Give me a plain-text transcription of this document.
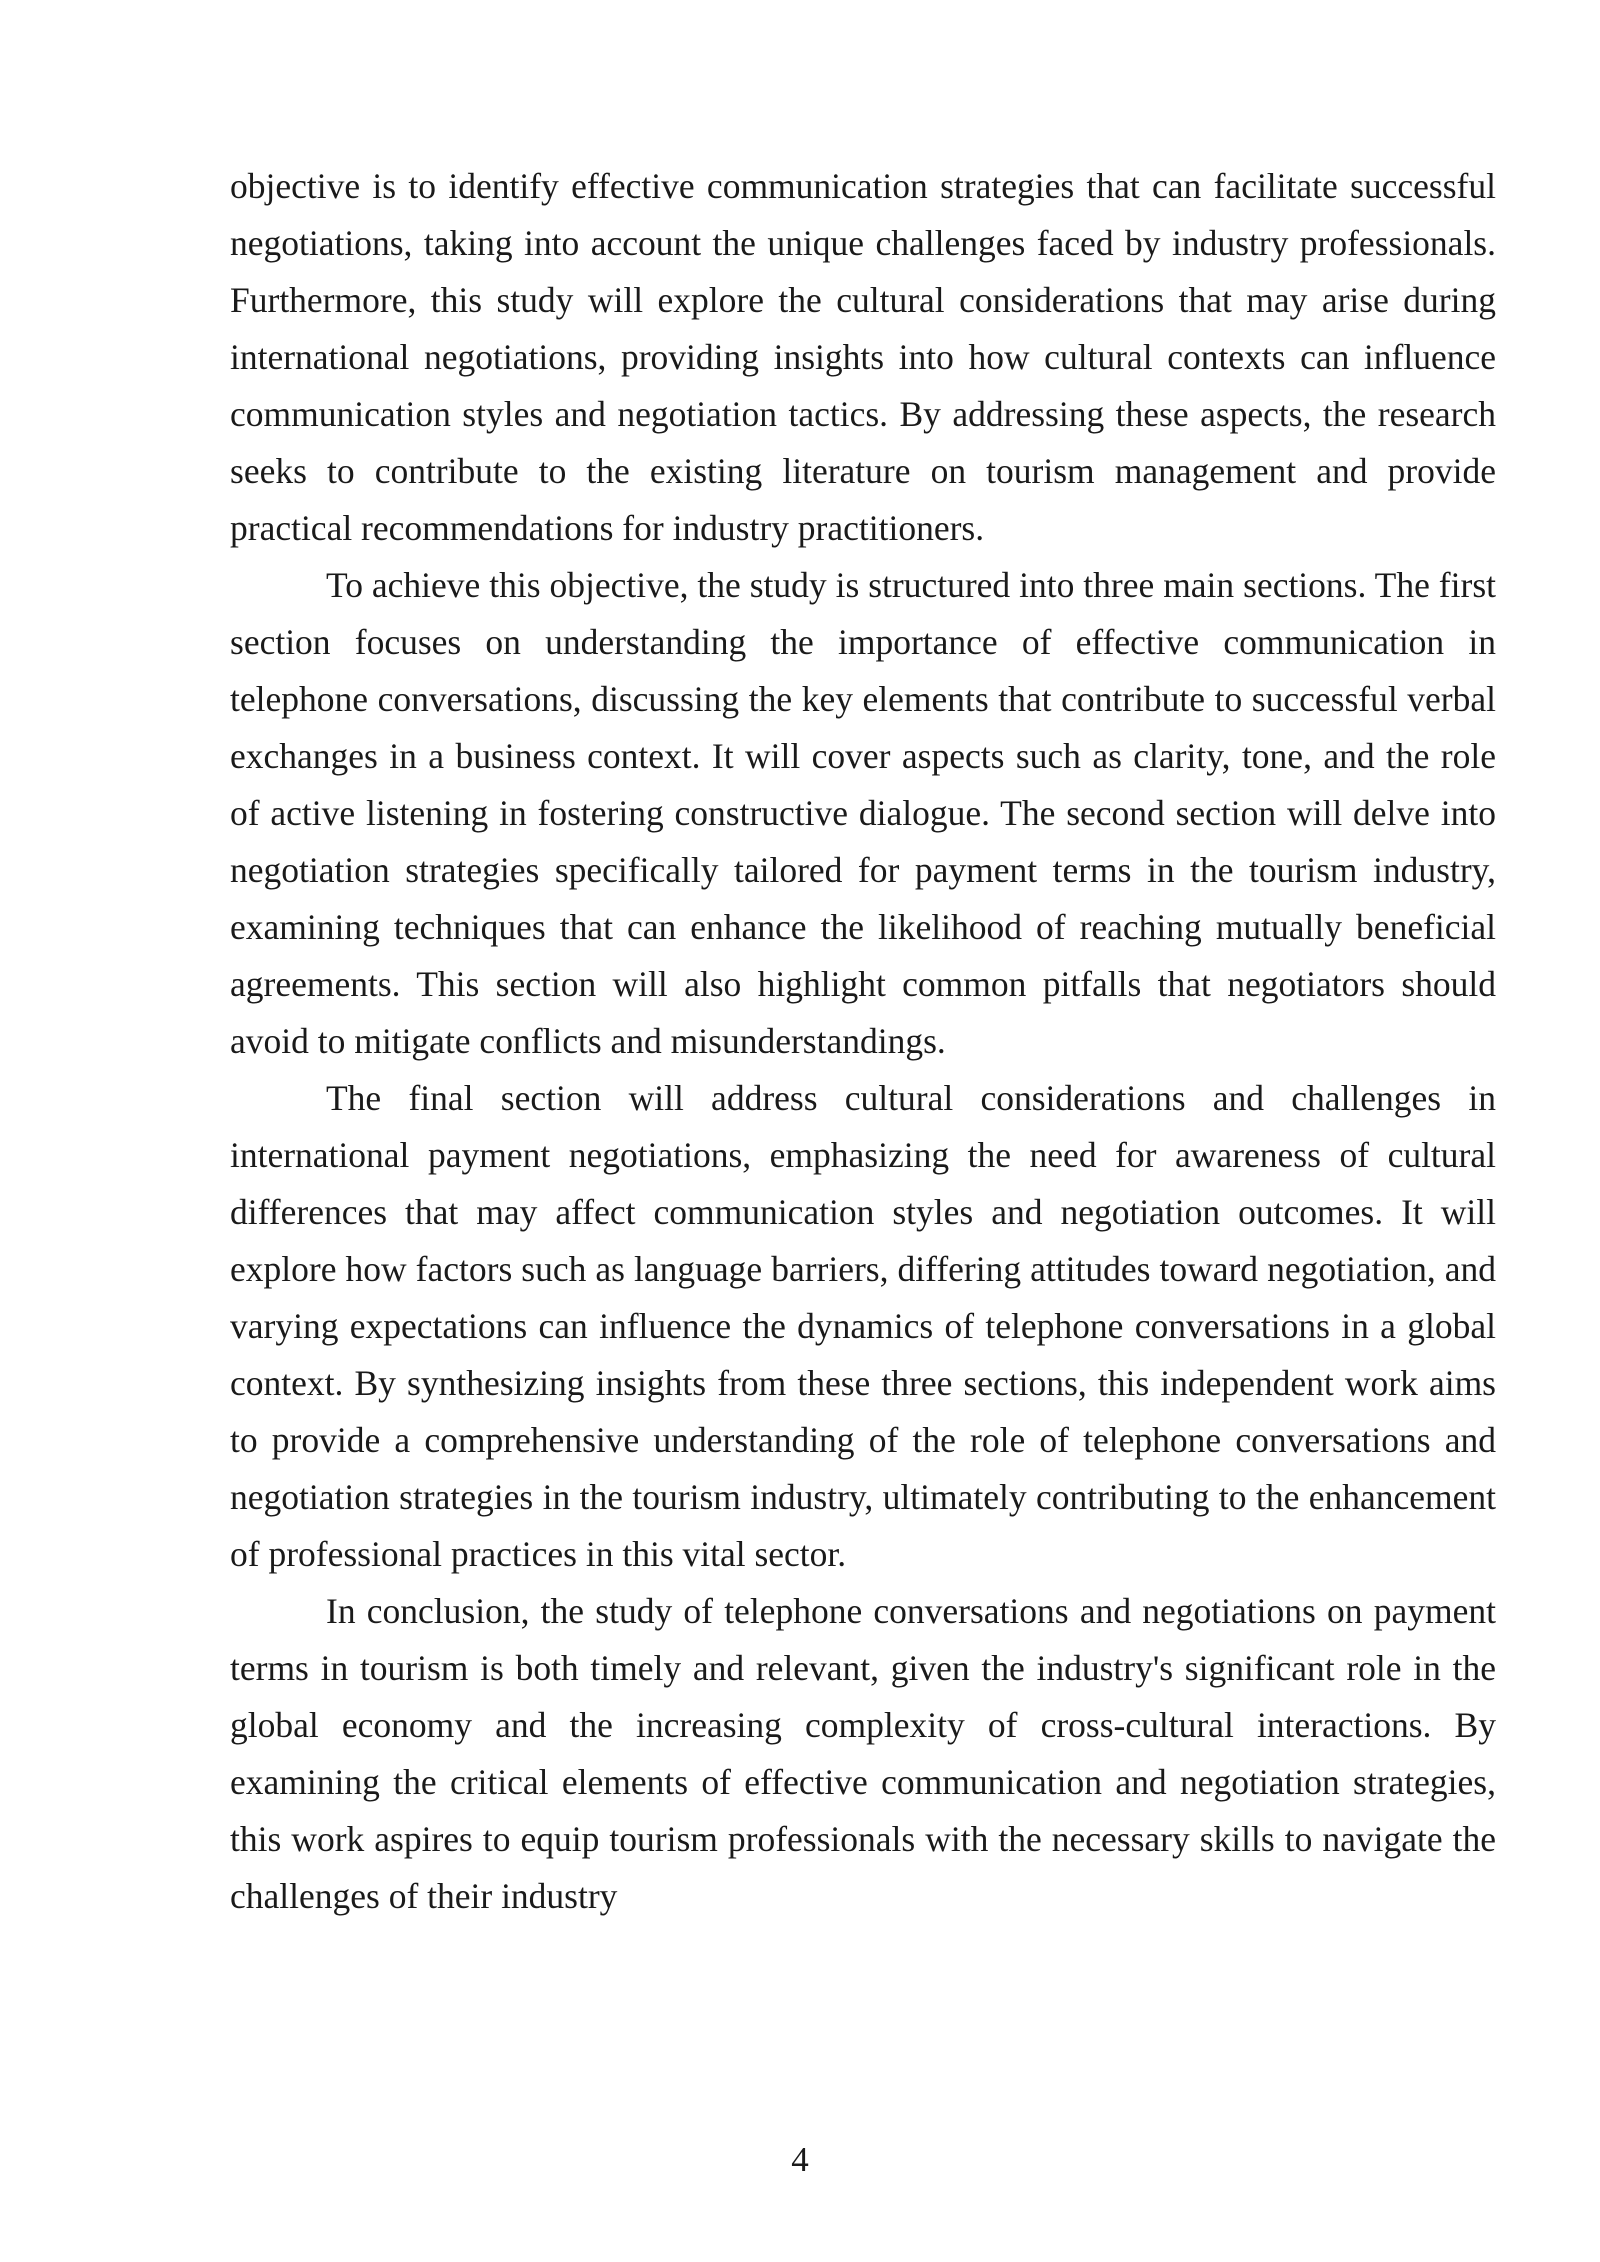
objective is to identify effective communication strategies that can facilitate successful negotiations, taking into account the unique challenges faced by industry professionals. Furthermore, this study will explore the cultural considerations that may arise during international negotiations, providing insights into how cultural contexts can influence communication styles and negotiation tactics. By addressing these aspects, the research seeks to contribute to the existing literature on tourism management and provide practical recommendations for industry practitioners.

To achieve this objective, the study is structured into three main sections. The first section focuses on understanding the importance of effective communication in telephone conversations, discussing the key elements that contribute to successful verbal exchanges in a business context. It will cover aspects such as clarity, tone, and the role of active listening in fostering constructive dialogue. The second section will delve into negotiation strategies specifically tailored for payment terms in the tourism industry, examining techniques that can enhance the likelihood of reaching mutually beneficial agreements. This section will also highlight common pitfalls that negotiators should avoid to mitigate conflicts and misunderstandings.

The final section will address cultural considerations and challenges in international payment negotiations, emphasizing the need for awareness of cultural differences that may affect communication styles and negotiation outcomes. It will explore how factors such as language barriers, differing attitudes toward negotiation, and varying expectations can influence the dynamics of telephone conversations in a global context. By synthesizing insights from these three sections, this independent work aims to provide a comprehensive understanding of the role of telephone conversations and negotiation strategies in the tourism industry, ultimately contributing to the enhancement of professional practices in this vital sector.

In conclusion, the study of telephone conversations and negotiations on payment terms in tourism is both timely and relevant, given the industry's significant role in the global economy and the increasing complexity of cross-cultural interactions. By examining the critical elements of effective communication and negotiation strategies, this work aspires to equip tourism professionals with the necessary skills to navigate the challenges of their industry

4
